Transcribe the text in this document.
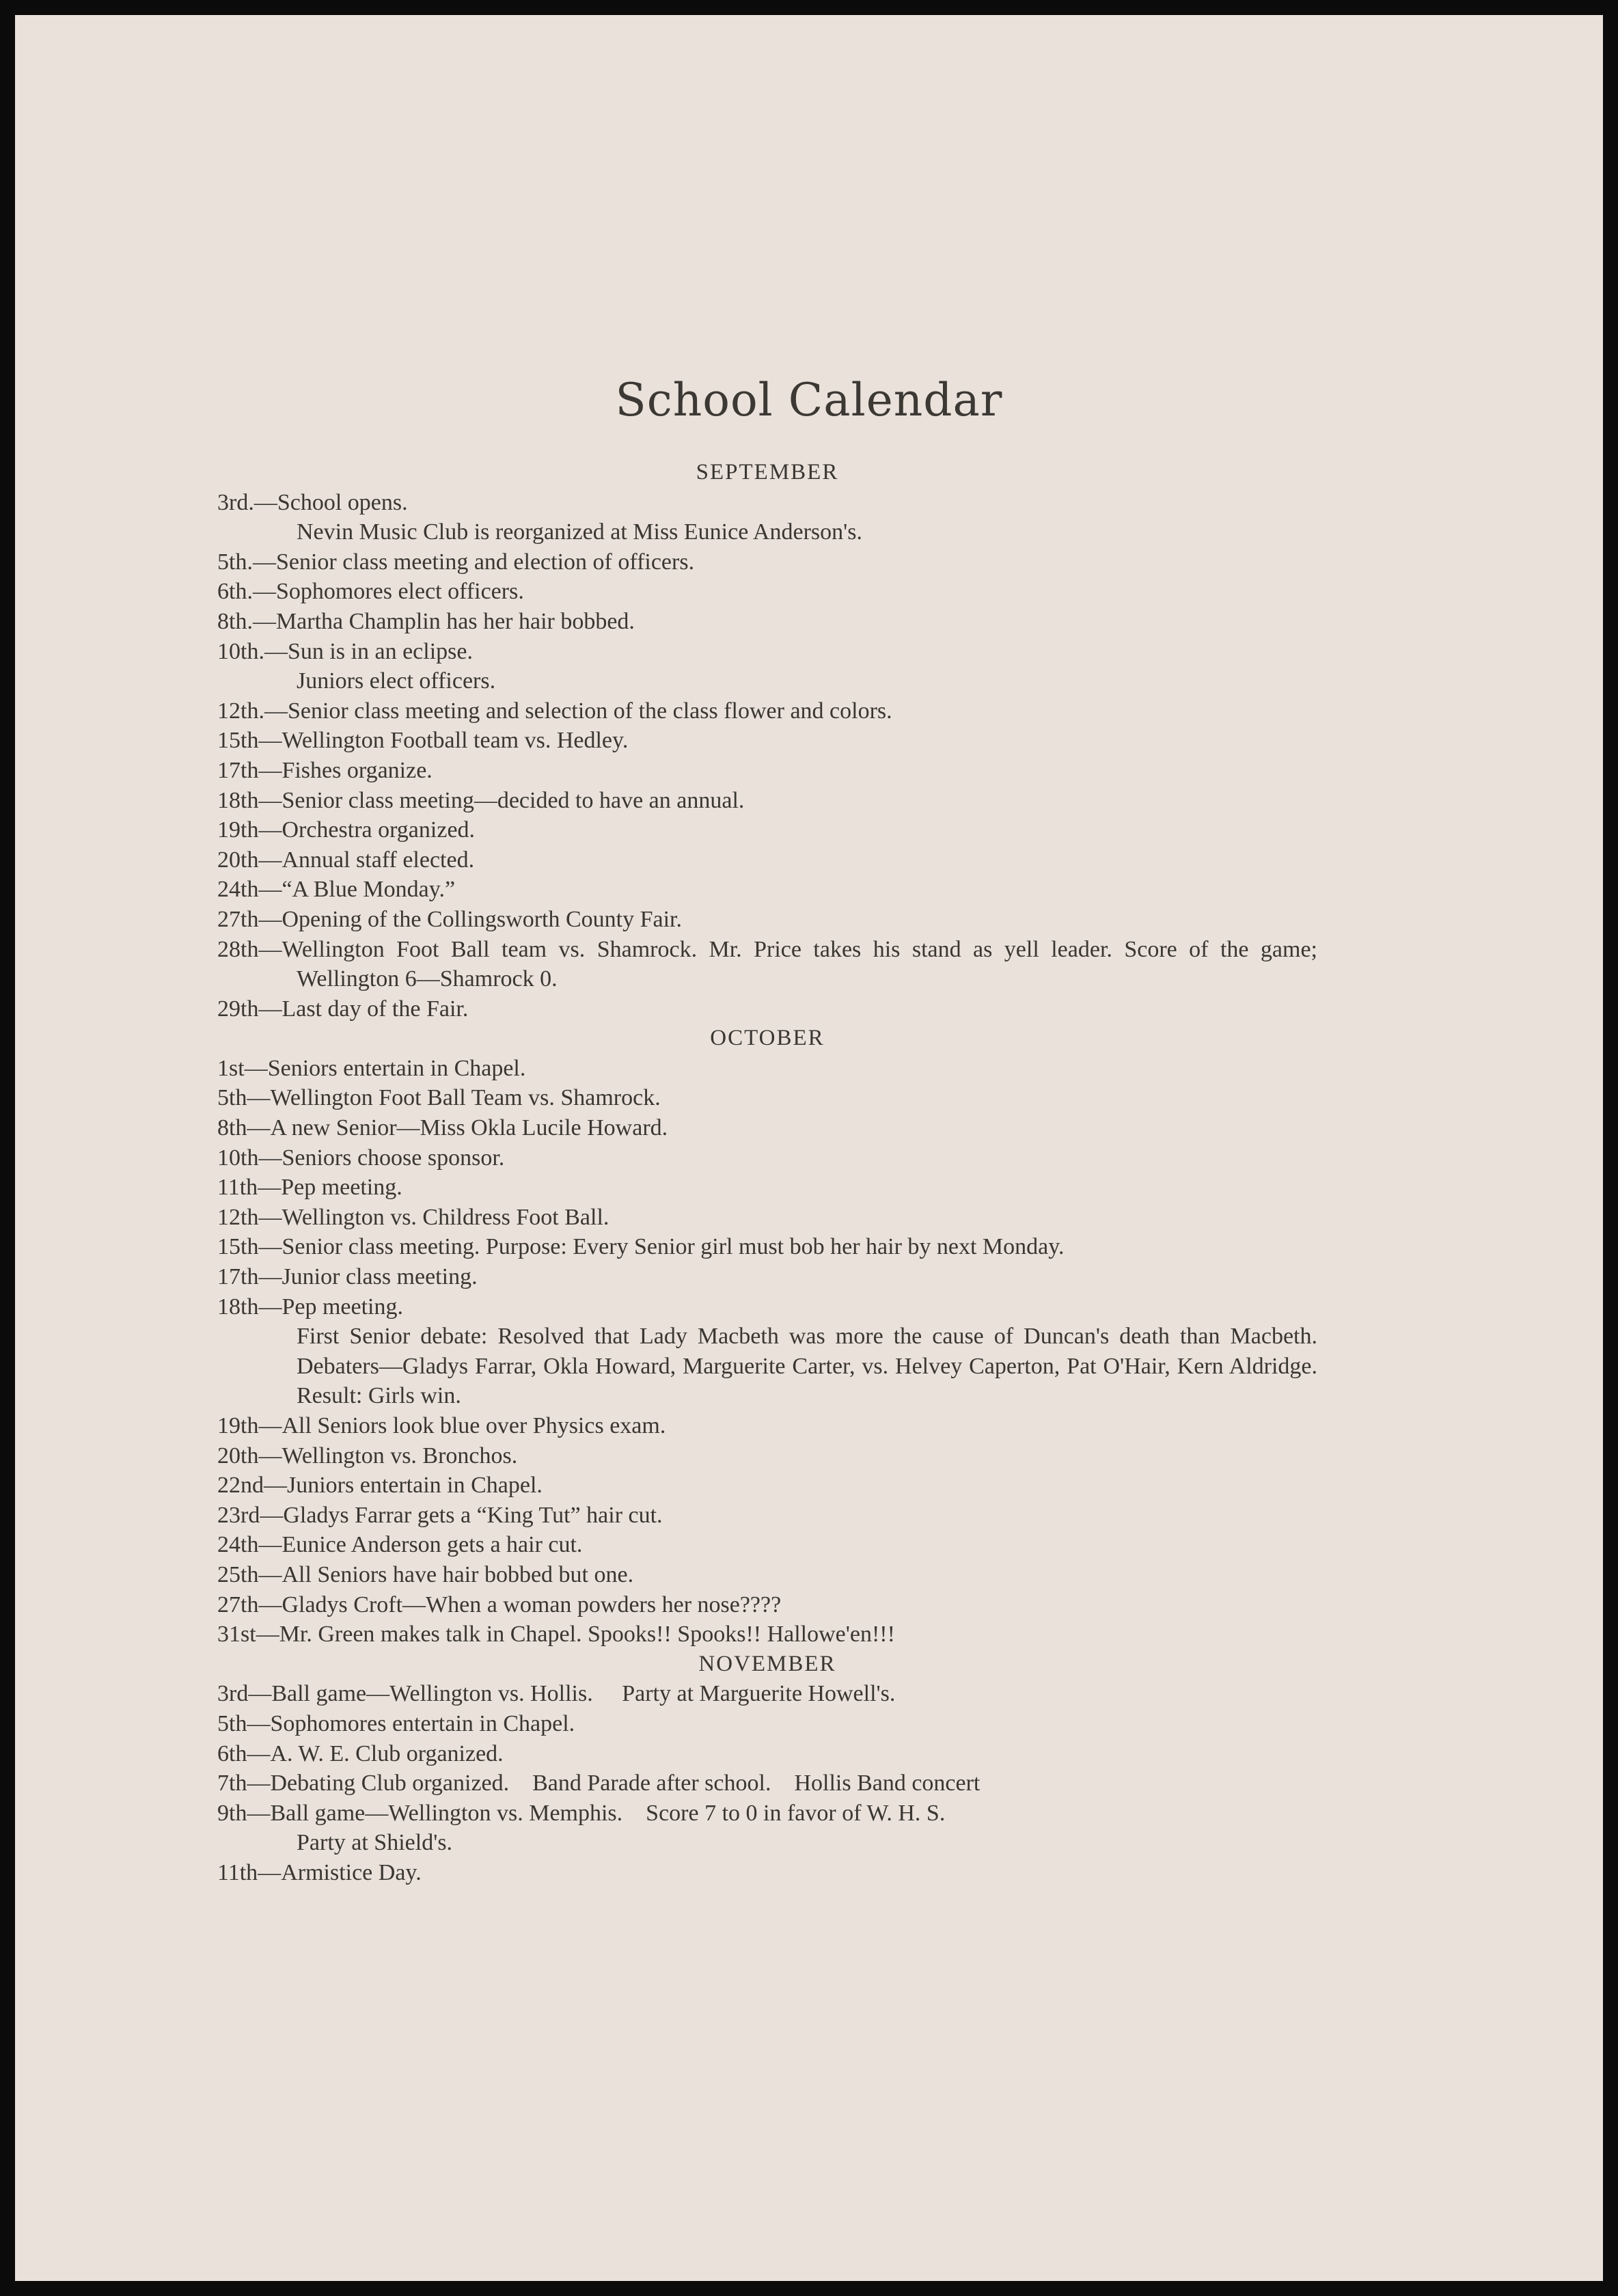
School Calendar

SEPTEMBER

3rd.—School opens.
Nevin Music Club is reorganized at Miss Eunice Anderson's.
5th.—Senior class meeting and election of officers.
6th.—Sophomores elect officers.
8th.—Martha Champlin has her hair bobbed.
10th.—Sun is in an eclipse.
Juniors elect officers.
12th.—Senior class meeting and selection of the class flower and colors.
15th—Wellington Football team vs. Hedley.
17th—Fishes organize.
18th—Senior class meeting—decided to have an annual.
19th—Orchestra organized.
20th—Annual staff elected.
24th—“A Blue Monday.”
27th—Opening of the Collingsworth County Fair.
28th—Wellington Foot Ball team vs. Shamrock. Mr. Price takes his stand as yell leader. Score of the game; Wellington 6—Shamrock 0.
29th—Last day of the Fair.

OCTOBER

1st—Seniors entertain in Chapel.
5th—Wellington Foot Ball Team vs. Shamrock.
8th—A new Senior—Miss Okla Lucile Howard.
10th—Seniors choose sponsor.
11th—Pep meeting.
12th—Wellington vs. Childress Foot Ball.
15th—Senior class meeting. Purpose: Every Senior girl must bob her hair by next Monday.
17th—Junior class meeting.
18th—Pep meeting.
First Senior debate: Resolved that Lady Macbeth was more the cause of Duncan's death than Macbeth. Debaters—Gladys Farrar, Okla Howard, Marguerite Carter, vs. Helvey Caperton, Pat O'Hair, Kern Aldridge. Result: Girls win.
19th—All Seniors look blue over Physics exam.
20th—Wellington vs. Bronchos.
22nd—Juniors entertain in Chapel.
23rd—Gladys Farrar gets a “King Tut” hair cut.
24th—Eunice Anderson gets a hair cut.
25th—All Seniors have hair bobbed but one.
27th—Gladys Croft—When a woman powders her nose????
31st—Mr. Green makes talk in Chapel. Spooks!! Spooks!! Hallowe'en!!!

NOVEMBER

3rd—Ball game—Wellington vs. Hollis.     Party at Marguerite Howell's.
5th—Sophomores entertain in Chapel.
6th—A. W. E. Club organized.
7th—Debating Club organized.    Band Parade after school.    Hollis Band concert
9th—Ball game—Wellington vs. Memphis.    Score 7 to 0 in favor of W. H. S.
Party at Shield's.
11th—Armistice Day.
